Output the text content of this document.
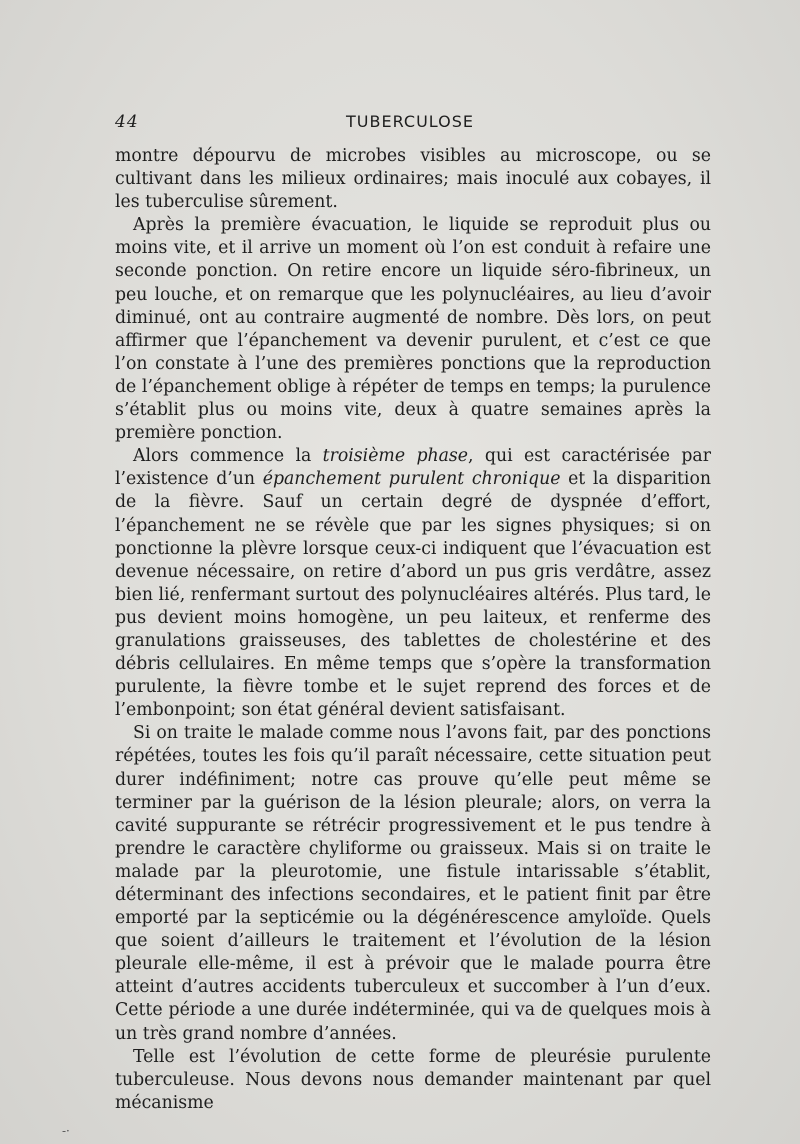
44	TUBERCULOSE

montre dépourvu de microbes visibles au microscope, ou se cultivant dans les milieux ordinaires; mais inoculé aux cobayes, il les tuberculise sûrement.

Après la première évacuation, le liquide se reproduit plus ou moins vite, et il arrive un moment où l’on est conduit à refaire une seconde ponction. On retire encore un liquide séro-fibrineux, un peu louche, et on remarque que les polynucléaires, au lieu d’avoir diminué, ont au contraire augmenté de nombre. Dès lors, on peut affirmer que l’épanchement va devenir purulent, et c’est ce que l’on constate à l’une des premières ponctions que la reproduction de l’épanchement oblige à répéter de temps en temps; la purulence s’établit plus ou moins vite, deux à quatre semaines après la première ponction.

Alors commence la troisième phase, qui est caractérisée par l’existence d’un épanchement purulent chronique et la disparition de la fièvre. Sauf un certain degré de dyspnée d’effort, l’épanchement ne se révèle que par les signes physiques; si on ponctionne la plèvre lorsque ceux-ci indiquent que l’évacuation est devenue nécessaire, on retire d’abord un pus gris verdâtre, assez bien lié, renfermant surtout des polynucléaires altérés. Plus tard, le pus devient moins homogène, un peu laiteux, et renferme des granulations graisseuses, des tablettes de cholestérine et des débris cellulaires. En même temps que s’opère la transformation purulente, la fièvre tombe et le sujet reprend des forces et de l’embonpoint; son état général devient satisfaisant.

Si on traite le malade comme nous l’avons fait, par des ponctions répétées, toutes les fois qu’il paraît nécessaire, cette situation peut durer indéfiniment; notre cas prouve qu’elle peut même se terminer par la guérison de la lésion pleurale; alors, on verra la cavité suppurante se rétrécir progressivement et le pus tendre à prendre le caractère chyliforme ou graisseux. Mais si on traite le malade par la pleurotomie, une fistule intarissable s’établit, déterminant des infections secondaires, et le patient finit par être emporté par la septicémie ou la dégénérescence amyloïde. Quels que soient d’ailleurs le traitement et l’évolution de la lésion pleurale elle-même, il est à prévoir que le malade pourra être atteint d’autres accidents tuberculeux et succomber à l’un d’eux. Cette période a une durée indéterminée, qui va de quelques mois à un très grand nombre d’années.

Telle est l’évolution de cette forme de pleurésie purulente tuberculeuse. Nous devons nous demander maintenant par quel mécanisme

-·
